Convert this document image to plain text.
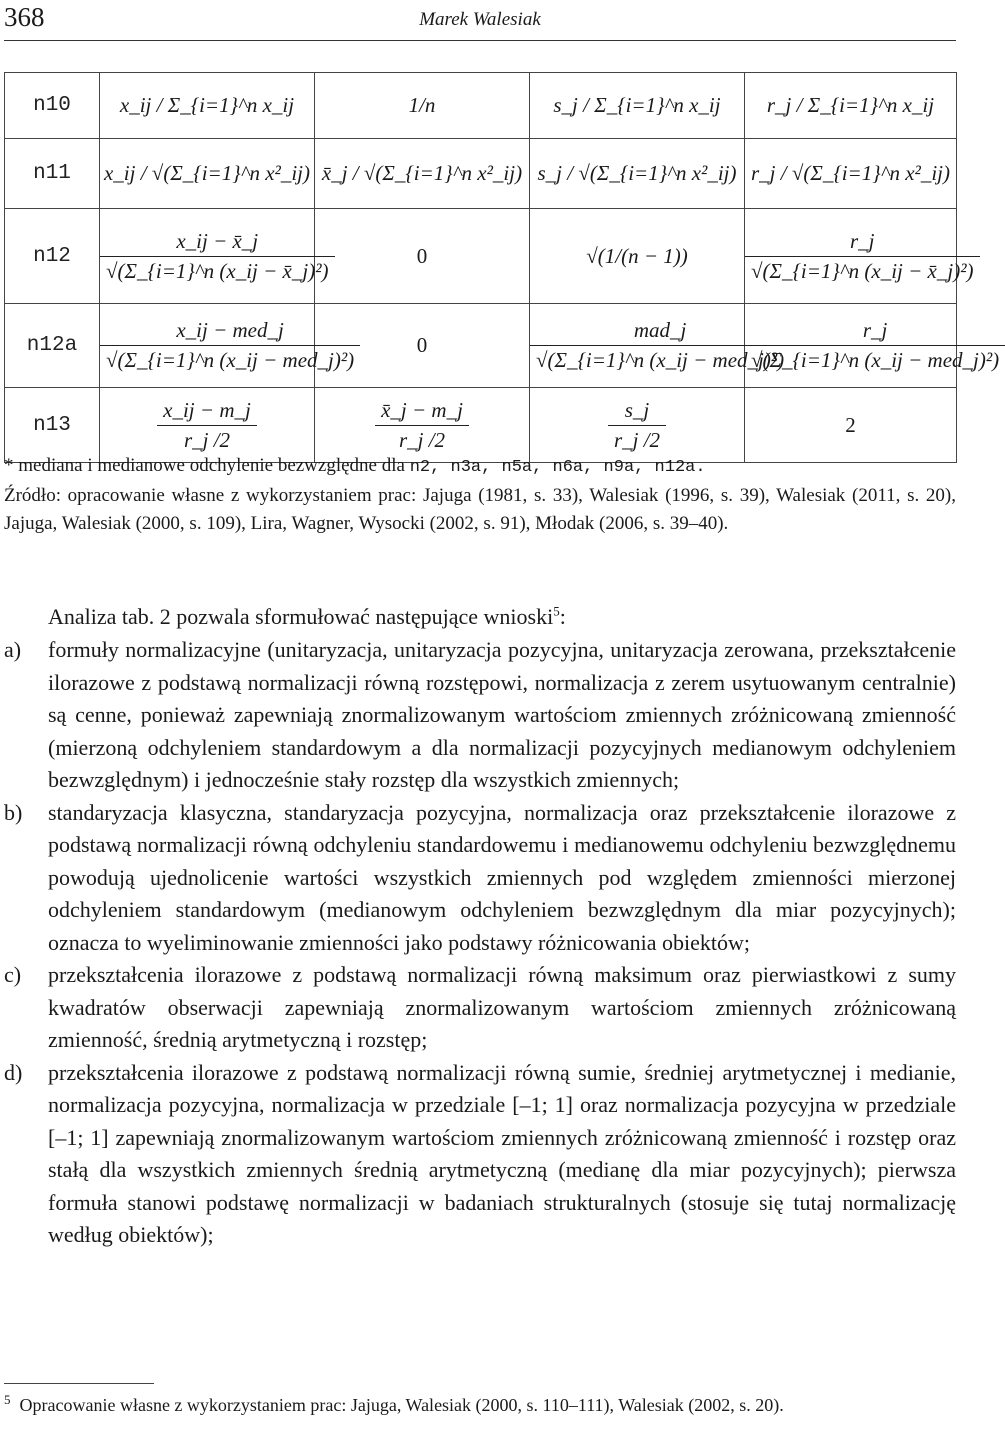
368	Marek Walesiak
n10	x_ij / Σ_{i=1}^n x_ij	1/n	s_j / Σ_{i=1}^n x_ij	r_j / Σ_{i=1}^n x_ij
n11	x_ij / √(Σ_{i=1}^n x²_ij)	x̄_j / √(Σ_{i=1}^n x²_ij)	s_j / √(Σ_{i=1}^n x²_ij)	r_j / √(Σ_{i=1}^n x²_ij)
n12	$\frac{x\_ij - x̄\_j}{\text{√(Σ\_\{i=1\}\textasciicircum{}n (x\_ij − x̄\_j)²)}}$	0	√(1/(n − 1))	$\frac{r\_j}{\text{√(Σ\_\{i=1\}\textasciicircum{}n (x\_ij − x̄\_j)²)}}$

n12a	$\frac{\text{x\_ij − med\_j}}{\text{√(Σ\_\{i=1\}\textasciicircum{}n (x\_ij − med\_j)²)}}$	0	$\frac{\text{mad\_j}}{\text{√(Σ\_\{i=1\}\textasciicircum{}n (x\_ij − med\_j)²)}}$	$\frac{r\_j}{\text{√(Σ\_\{i=1\}\textasciicircum{}n (x\_ij − med\_j)²)}}$

n13	$\frac{x\_ij - m\_j}{r\_j /2}$	$\frac{x̄\_j - m\_j}{r\_j /2}$	$\frac{s\_j}{r\_j /2}$	2
* mediana i medianowe odchylenie bezwzględne dla n2, n3a, n5a, n6a, n9a, n12a.
Źródło: opracowanie własne z wykorzystaniem prac: Jajuga (1981, s. 33), Walesiak (1996, s. 39), Walesiak (2011, s. 20), Jajuga, Walesiak (2000, s. 109), Lira, Wagner, Wysocki (2002, s. 91), Młodak (2006, s. 39–40).
Analiza tab. 2 pozwala sformułować następujące wnioski$^5$:
a) formuły normalizacyjne (unitaryzacja, unitaryzacja pozycyjna, unitaryzacja zerowana, przekształcenie ilorazowe z podstawą normalizacji równą rozstępowi, normalizacja z zerem usytuowanym centralnie) są cenne, ponieważ zapewniają znormalizowanym wartościom zmiennych zróżnicowaną zmienność (mierzoną odchyleniem standardowym a dla normalizacji pozycyjnych medianowym odchyleniem bezwzględnym) i jednocześnie stały rozstęp dla wszystkich zmiennych;
b) standaryzacja klasyczna, standaryzacja pozycyjna, normalizacja oraz przekształcenie ilorazowe z podstawą normalizacji równą odchyleniu standardowemu i medianowemu odchyleniu bezwzględnemu powodują ujednolicenie wartości wszystkich zmiennych pod względem zmienności mierzonej odchyleniem standardowym (medianowym odchyleniem bezwzględnym dla miar pozycyjnych); oznacza to wyeliminowanie zmienności jako podstawy różnicowania obiektów;
c) przekształcenia ilorazowe z podstawą normalizacji równą maksimum oraz pierwiastkowi z sumy kwadratów obserwacji zapewniają znormalizowanym wartościom zmiennych zróżnicowaną zmienność, średnią arytmetyczną i rozstęp;
d) przekształcenia ilorazowe z podstawą normalizacji równą sumie, średniej arytmetycznej i medianie, normalizacja pozycyjna, normalizacja w przedziale [–1; 1] oraz normalizacja pozycyjna w przedziale [–1; 1] zapewniają znormalizowanym wartościom zmiennych zróżnicowaną zmienność i rozstęp oraz stałą dla wszystkich zmiennych średnią arytmetyczną (medianę dla miar pozycyjnych); pierwsza formuła stanowi podstawę normalizacji w badaniach strukturalnych (stosuje się tutaj normalizację według obiektów);
$^5$ Opracowanie własne z wykorzystaniem prac: Jajuga, Walesiak (2000, s. 110–111), Walesiak (2002, s. 20).
